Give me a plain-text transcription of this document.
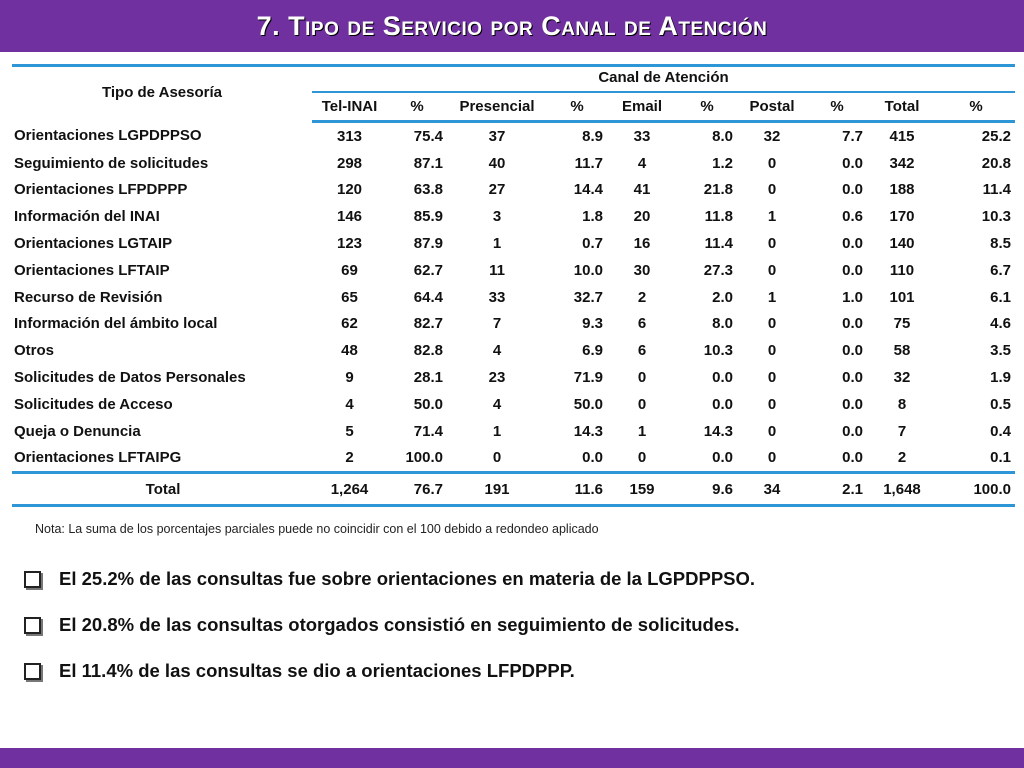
7. Tipo de Servicio por Canal de Atención
Tipo de Asesoría	Canal de Atención									
	Tel-INAI	%	Presencial	%	Email	%	Postal	%	Total	%
Orientaciones LGPDPPSO	313	75.4	37	8.9	33	8.0	32	7.7	415	25.2
Seguimiento de solicitudes	298	87.1	40	11.7	4	1.2	0	0.0	342	20.8
Orientaciones LFPDPPP	120	63.8	27	14.4	41	21.8	0	0.0	188	11.4
Información del INAI	146	85.9	3	1.8	20	11.8	1	0.6	170	10.3
Orientaciones LGTAIP	123	87.9	1	0.7	16	11.4	0	0.0	140	8.5
Orientaciones LFTAIP	69	62.7	11	10.0	30	27.3	0	0.0	110	6.7
Recurso de Revisión	65	64.4	33	32.7	2	2.0	1	1.0	101	6.1
Información del ámbito local	62	82.7	7	9.3	6	8.0	0	0.0	75	4.6
Otros	48	82.8	4	6.9	6	10.3	0	0.0	58	3.5
Solicitudes de Datos Personales	9	28.1	23	71.9	0	0.0	0	0.0	32	1.9
Solicitudes de Acceso	4	50.0	4	50.0	0	0.0	0	0.0	8	0.5
Queja o Denuncia	5	71.4	1	14.3	1	14.3	0	0.0	7	0.4
Orientaciones LFTAIPG	2	100.0	0	0.0	0	0.0	0	0.0	2	0.1
Total	1,264	76.7	191	11.6	159	9.6	34	2.1	1,648	100.0
Nota: La suma de los porcentajes parciales puede no coincidir con el 100 debido a redondeo aplicado
El 25.2% de las consultas fue sobre orientaciones en materia de la LGPDPPSO.
El 20.8% de las consultas otorgados consistió en seguimiento de solicitudes.
El 11.4% de las consultas se dio a orientaciones LFPDPPP.
